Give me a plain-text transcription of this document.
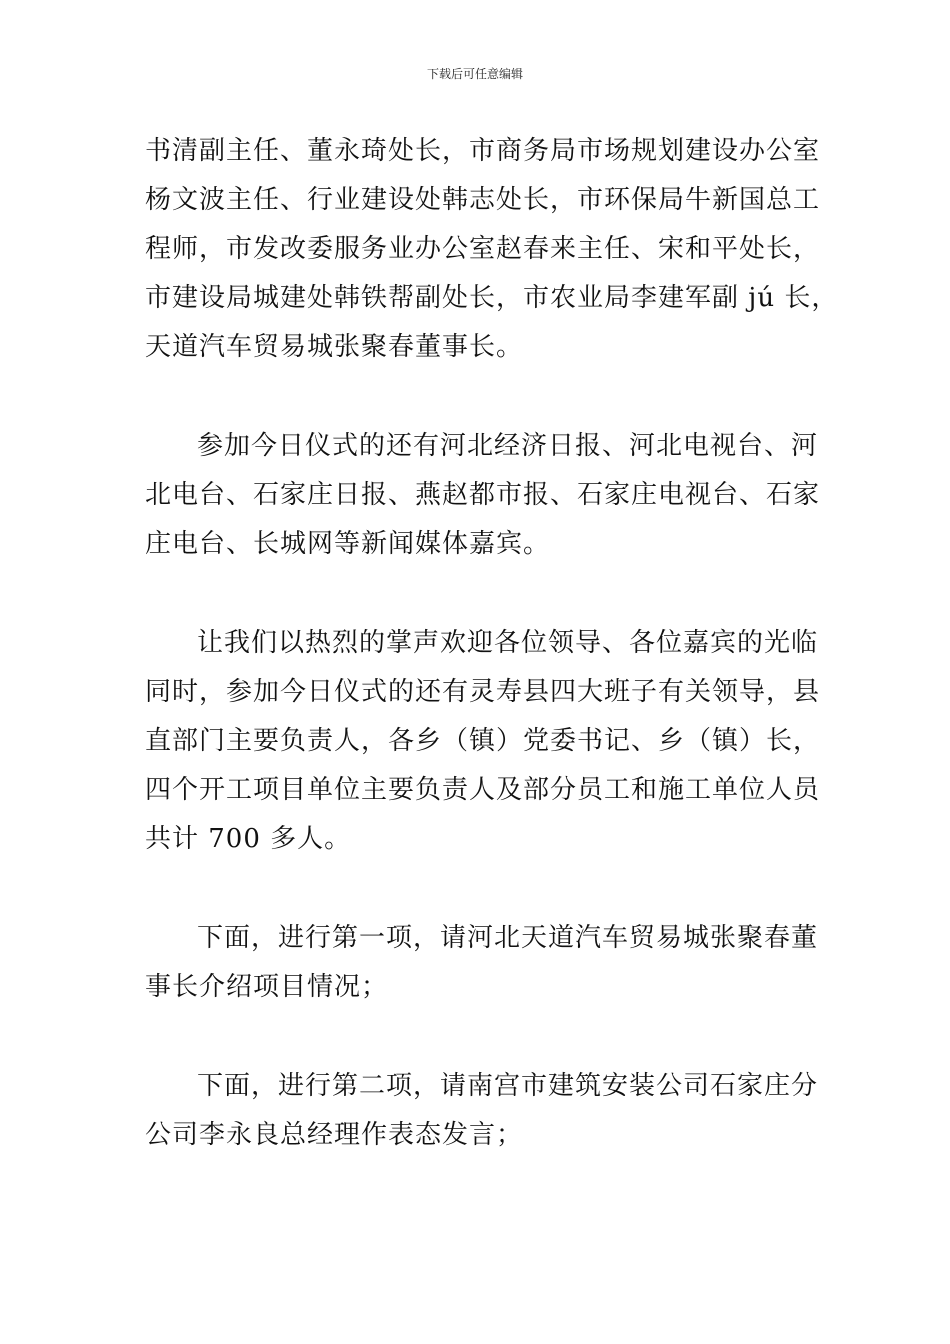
下载后可任意编辑
书清副主任、董永琦处长，市商务局市场规划建设办公室
杨文波主任、行业建设处韩志处长，市环保局牛新国总工
程师，市发改委服务业办公室赵春来主任、宋和平处长，
市建设局城建处韩铁帮副处长，市农业局李建军副 jú 长，
天道汽车贸易城张聚春董事长。
参加今日仪式的还有河北经济日报、河北电视台、河
北电台、石家庄日报、燕赵都市报、石家庄电视台、石家
庄电台、长城网等新闻媒体嘉宾。
让我们以热烈的掌声欢迎各位领导、各位嘉宾的光临
同时，参加今日仪式的还有灵寿县四大班子有关领导，县
直部门主要负责人，各乡（镇）党委书记、乡（镇）长，
四个开工项目单位主要负责人及部分员工和施工单位人员
共计 700 多人。
下面，进行第一项，请河北天道汽车贸易城张聚春董
事长介绍项目情况；
下面，进行第二项，请南宫市建筑安装公司石家庄分
公司李永良总经理作表态发言；
